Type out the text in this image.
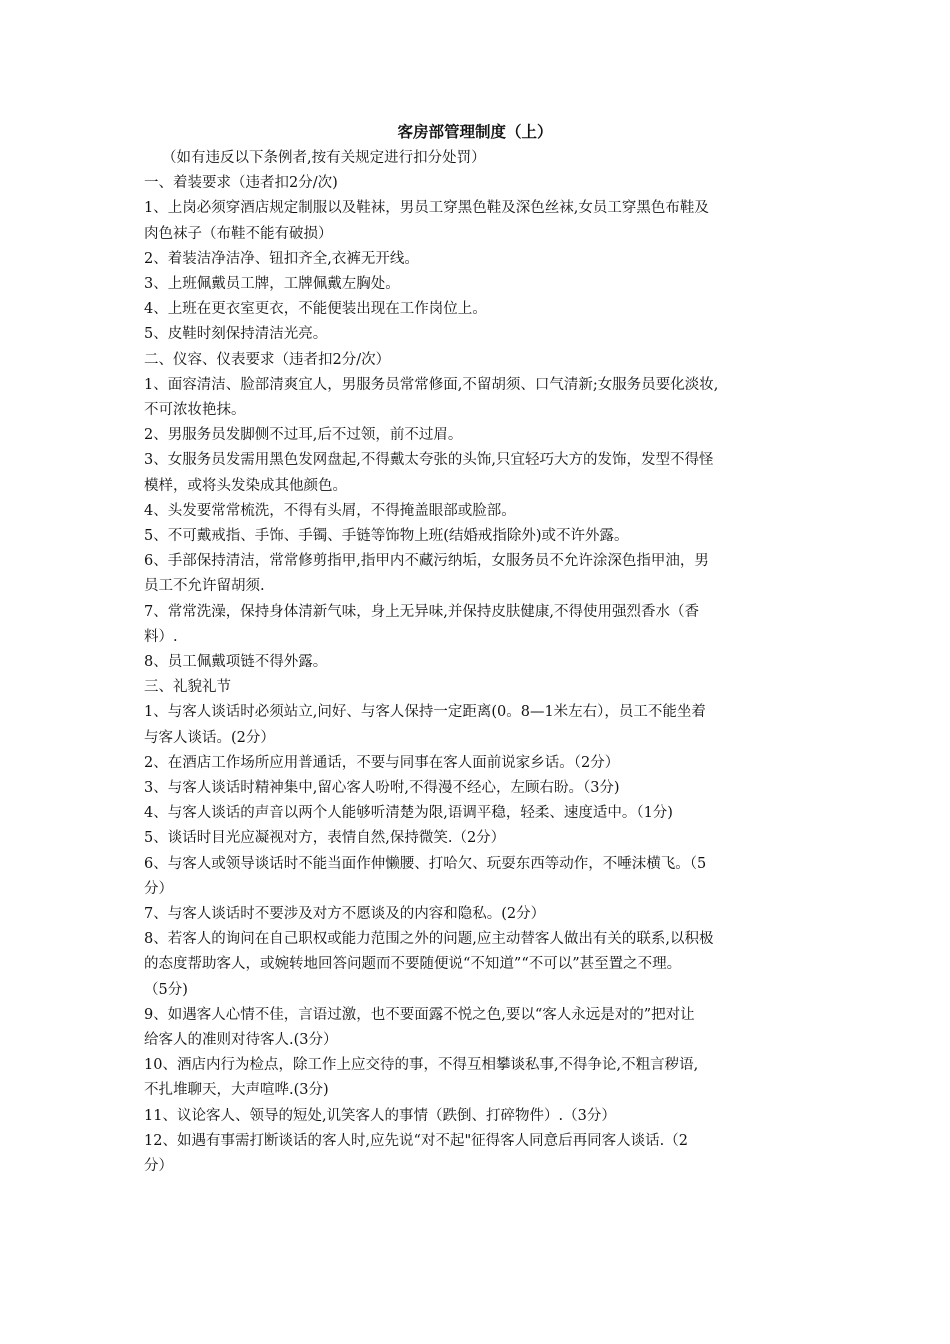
客房部管理制度（上）
（如有违反以下条例者,按有关规定进行扣分处罚）
一、着装要求（违者扣2分/次)
1、上岗必须穿酒店规定制服以及鞋袜，男员工穿黑色鞋及深色丝袜,女员工穿黑色布鞋及
肉色袜子（布鞋不能有破损）
2、着装洁净洁净、钮扣齐全,衣裤无开线。
3、上班佩戴员工牌，工牌佩戴左胸处。
4、上班在更衣室更衣，不能便装出现在工作岗位上。
5、皮鞋时刻保持清洁光亮。
二、仪容、仪表要求（违者扣2分/次）
1、面容清洁、脸部清爽宜人，男服务员常常修面,不留胡须、口气清新;女服务员要化淡妆,
不可浓妆艳抹。
2、男服务员发脚侧不过耳,后不过领，前不过眉。
3、女服务员发需用黑色发网盘起,不得戴太夸张的头饰,只宜轻巧大方的发饰，发型不得怪
模样，或将头发染成其他颜色。
4、头发要常常梳洗，不得有头屑，不得掩盖眼部或脸部。
5、不可戴戒指、手饰、手镯、手链等饰物上班(结婚戒指除外)或不许外露。
6、手部保持清洁，常常修剪指甲,指甲内不藏污纳垢，女服务员不允许涂深色指甲油，男
员工不允许留胡须.
7、常常洗澡，保持身体清新气味，身上无异味,并保持皮肤健康,不得使用强烈香水（香
料）.
8、员工佩戴项链不得外露。
三、礼貌礼节
1、与客人谈话时必须站立,问好、与客人保持一定距离(0。8—1米左右），员工不能坐着
与客人谈话。(2分）
2、在酒店工作场所应用普通话，不要与同事在客人面前说家乡话。（2分）
3、与客人谈话时精神集中,留心客人吩咐,不得漫不经心，左顾右盼。（3分)
4、与客人谈话的声音以两个人能够听清楚为限,语调平稳，轻柔、速度适中。（1分)
5、谈话时目光应凝视对方，表情自然,保持微笑.（2分）
6、与客人或领导谈话时不能当面作伸懒腰、打哈欠、玩耍东西等动作，不唾沫横飞。（5
分）
7、与客人谈话时不要涉及对方不愿谈及的内容和隐私。(2分）
8、若客人的询问在自己职权或能力范围之外的问题,应主动替客人做出有关的联系,以积极
的态度帮助客人，或婉转地回答问题而不要随便说“不知道”“不可以”甚至置之不理。
（5分)
9、如遇客人心情不佳，言语过激，也不要面露不悦之色,要以“客人永远是对的”把对让
给客人的准则对待客人.(3分）
10、酒店内行为检点，除工作上应交待的事，不得互相攀谈私事,不得争论,不粗言秽语,
不扎堆聊天，大声喧哗.(3分)
11、议论客人、领导的短处,讥笑客人的事情（跌倒、打碎物件）.（3分）
12、如遇有事需打断谈话的客人时,应先说“对不起"征得客人同意后再同客人谈话.（2
分）
